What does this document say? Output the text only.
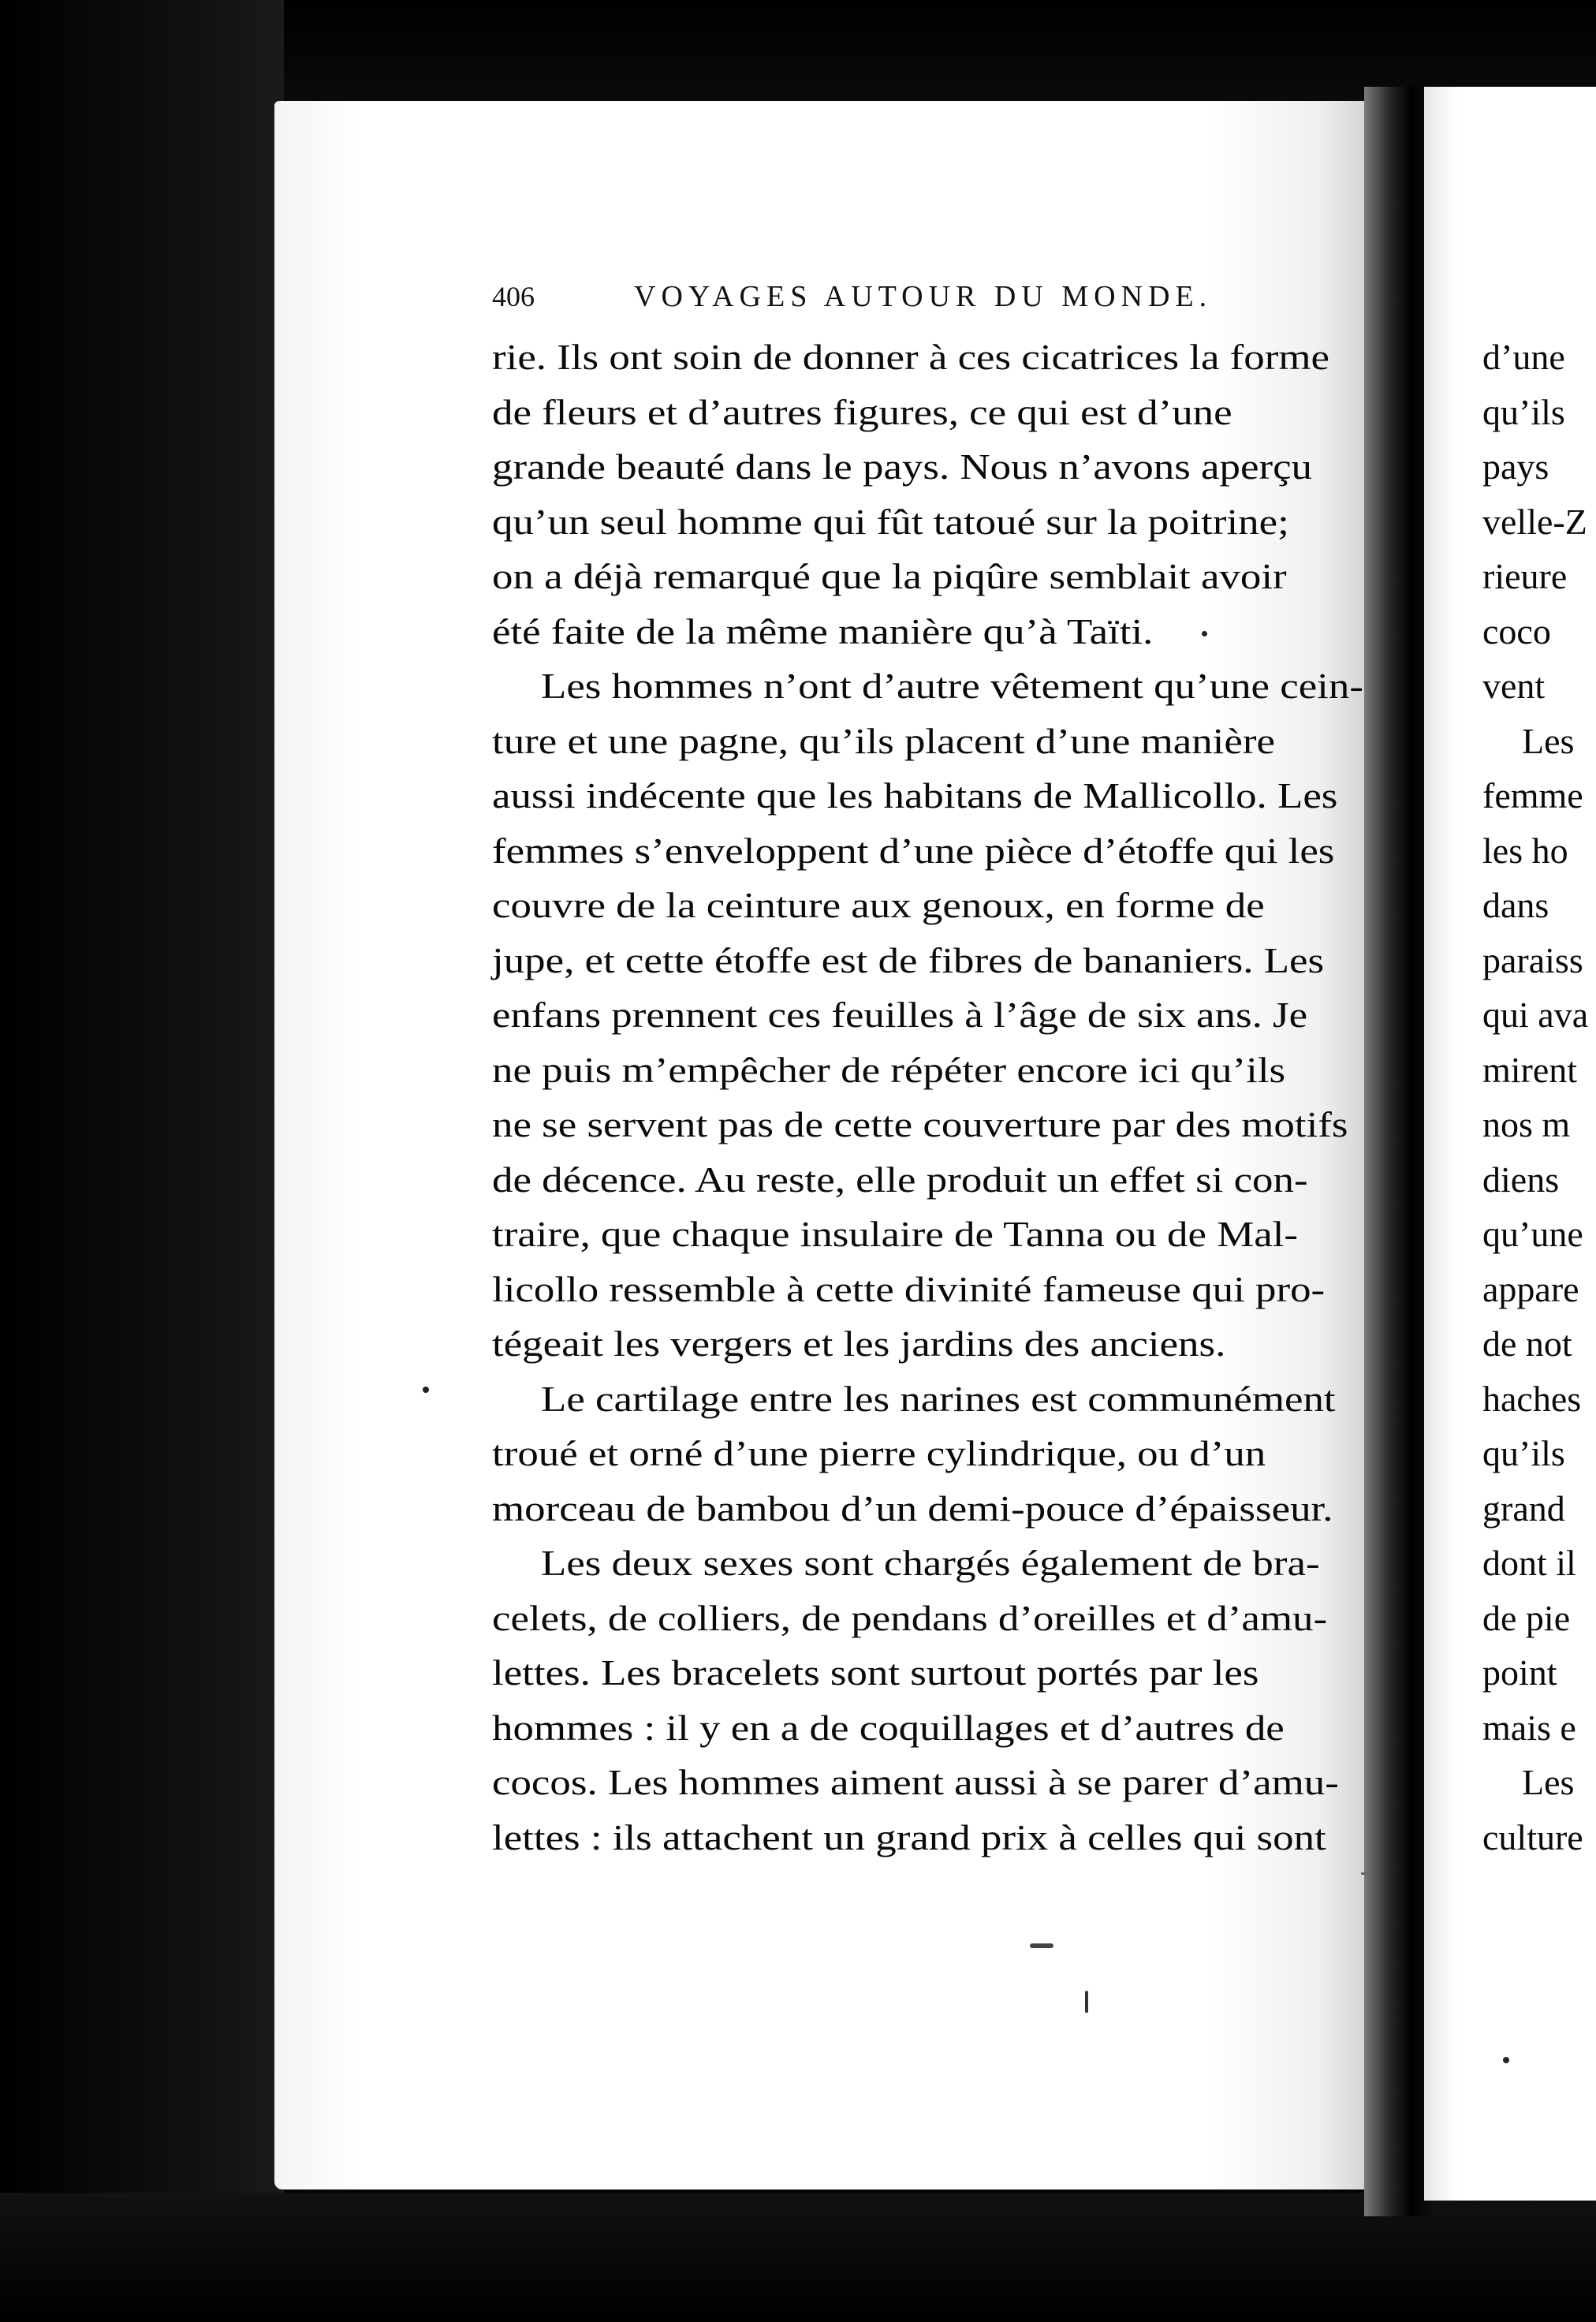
406	VOYAGES AUTOUR DU MONDE.
rie. Ils ont soin de donner à ces cicatrices la forme
de fleurs et d’autres figures, ce qui est d’une
grande beauté dans le pays. Nous n’avons aperçu
qu’un seul homme qui fût tatoué sur la poitrine;
on a déjà remarqué que la piqûre semblait avoir
été faite de la même manière qu’à Taïti.
Les hommes n’ont d’autre vêtement qu’une cein-
ture et une pagne, qu’ils placent d’une manière
aussi indécente que les habitans de Mallicollo. Les
femmes s’enveloppent d’une pièce d’étoffe qui les
couvre de la ceinture aux genoux, en forme de
jupe, et cette étoffe est de fibres de bananiers. Les
enfans prennent ces feuilles à l’âge de six ans. Je
ne puis m’empêcher de répéter encore ici qu’ils
ne se servent pas de cette couverture par des motifs
de décence. Au reste, elle produit un effet si con-
traire, que chaque insulaire de Tanna ou de Mal-
licollo ressemble à cette divinité fameuse qui pro-
tégeait les vergers et les jardins des anciens.
Le cartilage entre les narines est communément
troué et orné d’une pierre cylindrique, ou d’un
morceau de bambou d’un demi-pouce d’épaisseur.
Les deux sexes sont chargés également de bra-
celets, de colliers, de pendans d’oreilles et d’amu-
lettes. Les bracelets sont surtout portés par les
hommes : il y en a de coquillages et d’autres de
cocos. Les hommes aiment aussi à se parer d’amu-
lettes : ils attachent un grand prix à celles qui sont
d’une
qu’ils
pays
velle-Z
rieure
coco
vent
Les
femme
les ho
dans
paraiss
qui ava
mirent
nos m
diens
qu’une
appare
de not
haches
qu’ils
grand
dont il
de pie
point
mais e
Les
culture
